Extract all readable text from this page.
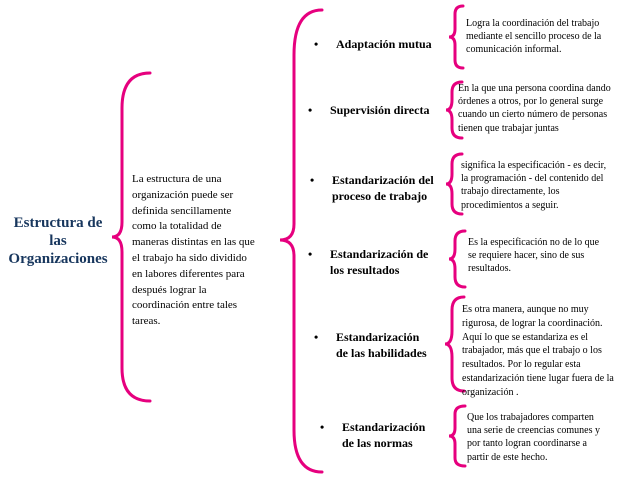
Estructura de
las
Organizaciones
La estructura de una
organización puede ser
definida sencillamente
como la totalidad de
maneras distintas en las que
el trabajo ha sido dividido
en labores diferentes para
después lograr la
coordinación entre tales
tareas.
•	Adaptación mutua
Logra la coordinación del trabajo
mediante el sencillo proceso de la
comunicación informal.
•	Supervisión directa
En la que una persona coordina dando
órdenes a otros, por lo general surge
cuando un cierto número de personas
tienen que trabajar juntas
•	Estandarización del
proceso de trabajo
significa la especificación - es decir,
la programación - del contenido del
trabajo directamente, los
procedimientos a seguir.
•	Estandarización de
los resultados
Es la especificación no de lo que
se requiere hacer, sino de sus
resultados.
•	Estandarización
de las habilidades
Es otra manera, aunque no muy
rigurosa, de lograr la coordinación.
Aquí lo que se estandariza es el
trabajador, más que el trabajo o los
resultados. Por lo regular esta
estandarización tiene lugar fuera de la
organización .
•	Estandarización
de las normas
Que los trabajadores comparten
una serie de creencias comunes y
por tanto logran coordinarse a
partir de este hecho.
